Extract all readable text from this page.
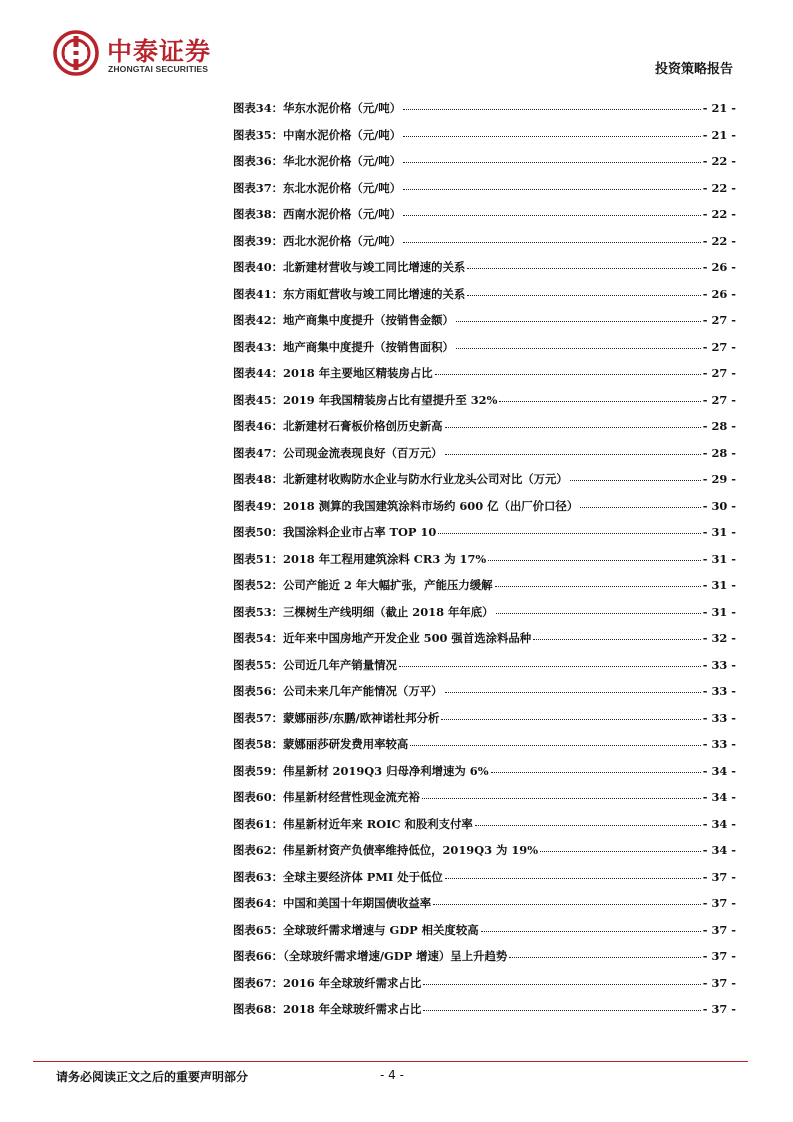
中泰证券
ZHONGTAI SECURITIES	投资策略报告
图表34：华东水泥价格（元/吨）	- 21 -
图表35：中南水泥价格（元/吨）	- 21 -
图表36：华北水泥价格（元/吨）	- 22 -
图表37：东北水泥价格（元/吨）	- 22 -
图表38：西南水泥价格（元/吨）	- 22 -
图表39：西北水泥价格（元/吨）	- 22 -
图表40：北新建材营收与竣工同比增速的关系	- 26 -
图表41：东方雨虹营收与竣工同比增速的关系	- 26 -
图表42：地产商集中度提升（按销售金额）	- 27 -
图表43：地产商集中度提升（按销售面积）	- 27 -
图表44：2018 年主要地区精装房占比	- 27 -
图表45：2019 年我国精装房占比有望提升至 32%	- 27 -
图表46：北新建材石膏板价格创历史新高	- 28 -
图表47：公司现金流表现良好（百万元）	- 28 -
图表48：北新建材收购防水企业与防水行业龙头公司对比（万元）	- 29 -
图表49：2018 测算的我国建筑涂料市场约 600 亿（出厂价口径）	- 30 -
图表50：我国涂料企业市占率 TOP 10	- 31 -
图表51：2018 年工程用建筑涂料 CR3 为 17%	- 31 -
图表52：公司产能近 2 年大幅扩张，产能压力缓解	- 31 -
图表53：三棵树生产线明细（截止 2018 年年底）	- 31 -
图表54：近年来中国房地产开发企业 500 强首选涂料品种	- 32 -
图表55：公司近几年产销量情况	- 33 -
图表56：公司未来几年产能情况（万平）	- 33 -
图表57：蒙娜丽莎/东鹏/欧神诺杜邦分析	- 33 -
图表58：蒙娜丽莎研发费用率较高	- 33 -
图表59：伟星新材 2019Q3 归母净利增速为 6%	- 34 -
图表60：伟星新材经营性现金流充裕	- 34 -
图表61：伟星新材近年来 ROIC 和股利支付率	- 34 -
图表62：伟星新材资产负债率维持低位，2019Q3 为 19%	- 34 -
图表63：全球主要经济体 PMI 处于低位	- 37 -
图表64：中国和美国十年期国债收益率	- 37 -
图表65：全球玻纤需求增速与 GDP 相关度较高	- 37 -
图表66：（全球玻纤需求增速/GDP 增速）呈上升趋势	- 37 -
图表67：2016 年全球玻纤需求占比	- 37 -
图表68：2018 年全球玻纤需求占比	- 37 -
请务必阅读正文之后的重要声明部分	- 4 -
